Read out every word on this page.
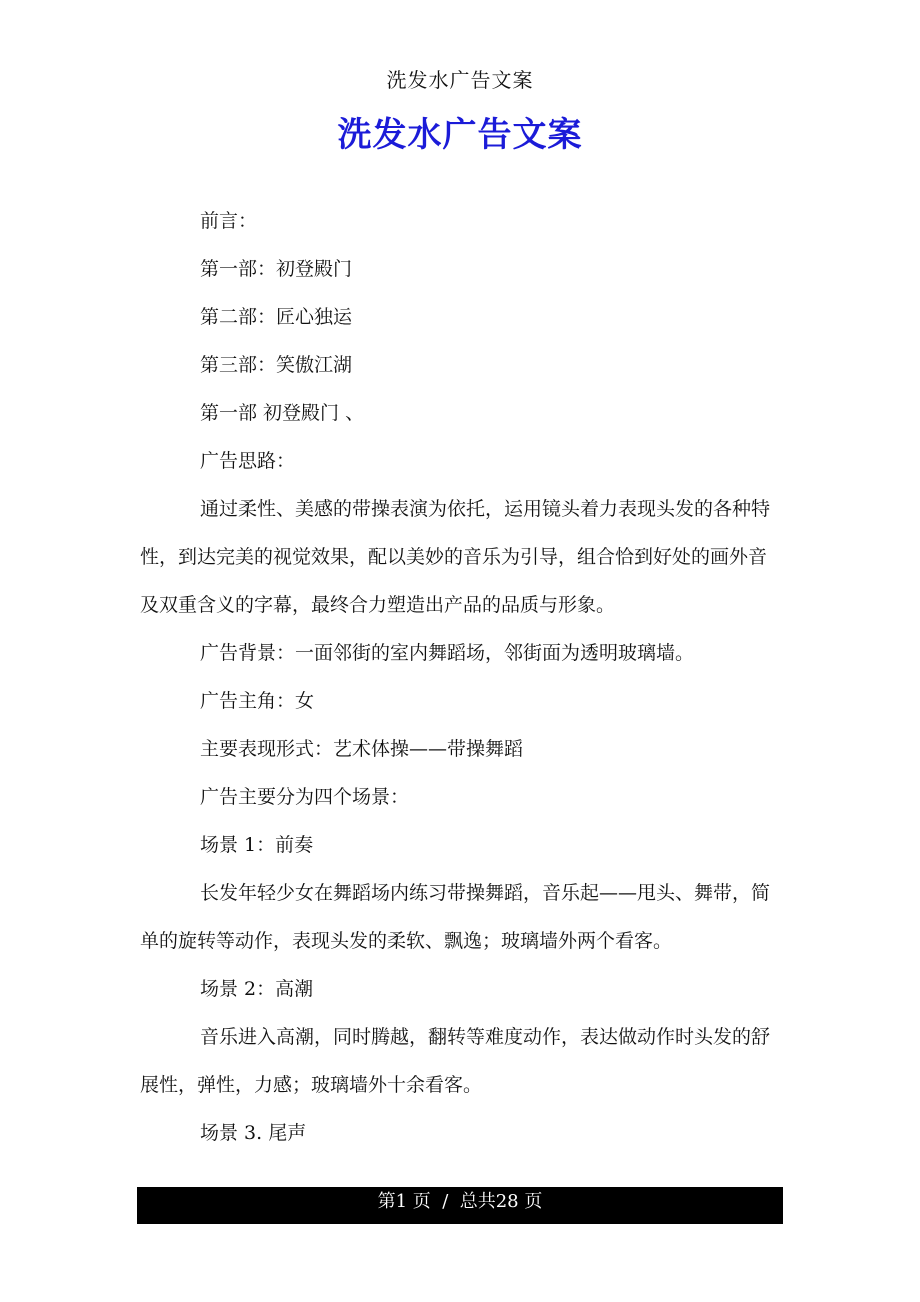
洗发水广告文案
洗发水广告文案

前言：

第一部：初登殿门

第二部：匠心独运

第三部：笑傲江湖

第一部 初登殿门 、

广告思路：

通过柔性、美感的带操表演为依托，运用镜头着力表现头发的各种特性，到达完美的视觉效果，配以美妙的音乐为引导，组合恰到好处的画外音及双重含义的字幕，最终合力塑造出产品的品质与形象。

广告背景：一面邻街的室内舞蹈场，邻街面为透明玻璃墙。

广告主角：女

主要表现形式：艺术体操——带操舞蹈

广告主要分为四个场景：

场景 1：前奏

长发年轻少女在舞蹈场内练习带操舞蹈，音乐起——甩头、舞带，简单的旋转等动作，表现头发的柔软、飘逸；玻璃墙外两个看客。

场景 2：高潮

音乐进入高潮，同时腾越，翻转等难度动作，表达做动作时头发的舒展性，弹性，力感；玻璃墙外十余看客。

场景 3. 尾声

第1 页  /  总共28 页
